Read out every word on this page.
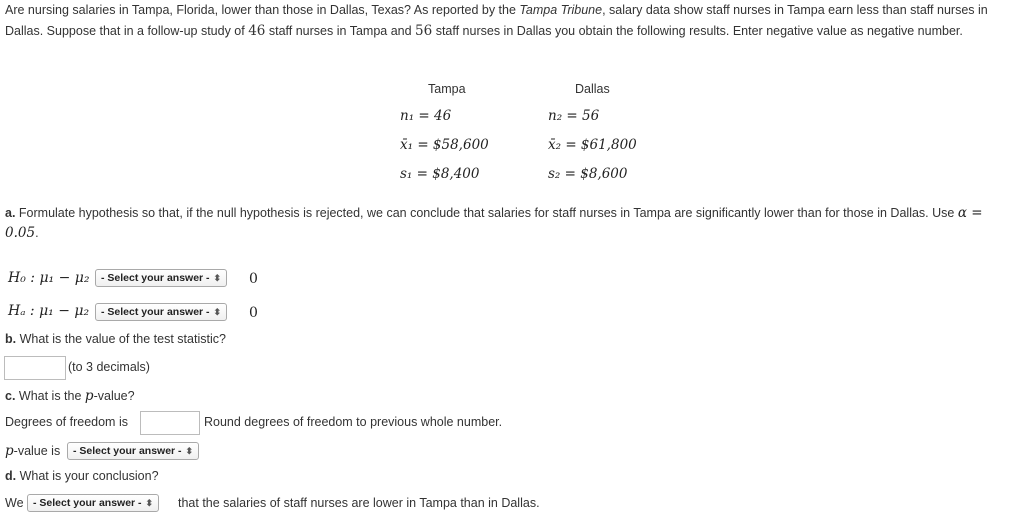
Are nursing salaries in Tampa, Florida, lower than those in Dallas, Texas? As reported by the Tampa Tribune, salary data show staff nurses in Tampa earn less than staff nurses in Dallas. Suppose that in a follow-up study of 46 staff nurses in Tampa and 56 staff nurses in Dallas you obtain the following results. Enter negative value as negative number.
Tampa	Dallas
n₁ = 46	n₂ = 56
x̄₁ = $58,600	x̄₂ = $61,800
s₁ = $8,400	s₂ = $8,600
a. Formulate hypothesis so that, if the null hypothesis is rejected, we can conclude that salaries for staff nurses in Tampa are significantly lower than for those in Dallas. Use α = 0.05.
H₀ : μ₁ − μ₂	- Select your answer - ⬍	0
Hₐ : μ₁ − μ₂	- Select your answer - ⬍	0
b. What is the value of the test statistic?
(to 3 decimals)
c. What is the p-value?
Degrees of freedom is	Round degrees of freedom to previous whole number.
p-value is	- Select your answer - ⬍
d. What is your conclusion?
We - Select your answer - ⬍	that the salaries of staff nurses are lower in Tampa than in Dallas.
